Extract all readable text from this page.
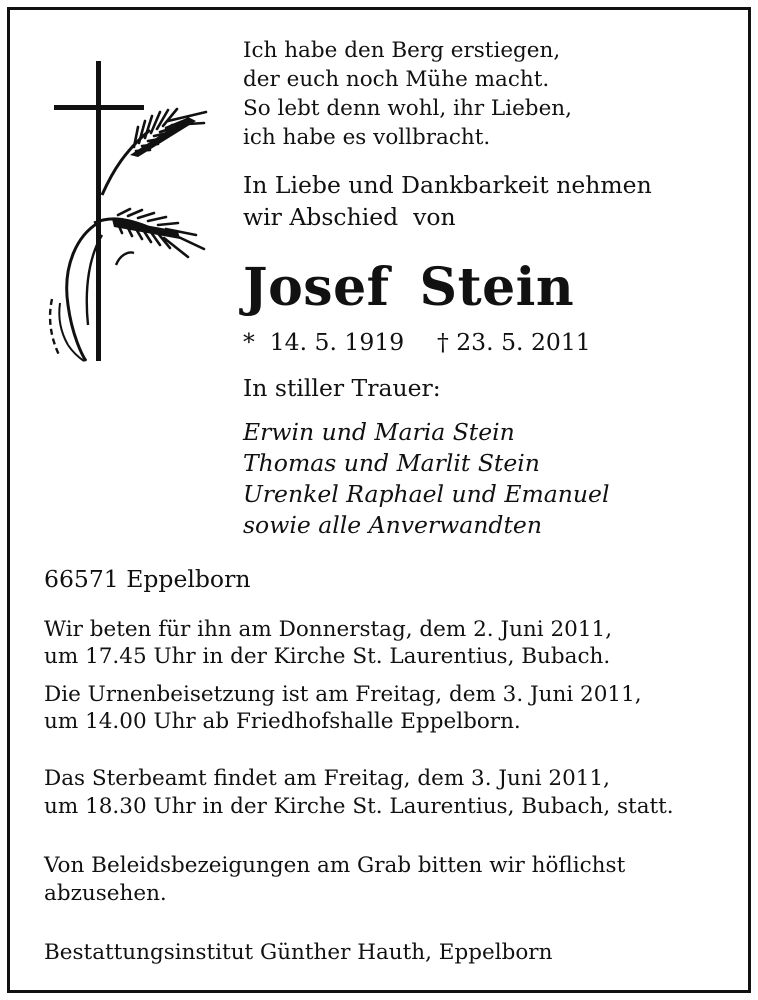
Ich habe den Berg erstiegen,
der euch noch Mühe macht.
So lebt denn wohl, ihr Lieben,
ich habe es vollbracht.
In Liebe und Dankbarkeit nehmen
wir Abschied  von
Josef Stein
*  14. 5. 1919 † 23. 5. 2011
In stiller Trauer:
Erwin und Maria Stein
Thomas und Marlit Stein
Urenkel Raphael und Emanuel
sowie alle Anverwandten
66571 Eppelborn
Wir beten für ihn am Donnerstag, dem 2. Juni 2011,
um 17.45 Uhr in der Kirche St. Laurentius, Bubach.
Die Urnenbeisetzung ist am Freitag, dem 3. Juni 2011,
um 14.00 Uhr ab Friedhofshalle Eppelborn.
Das Sterbeamt findet am Freitag, dem 3. Juni 2011,
um 18.30 Uhr in der Kirche St. Laurentius, Bubach, statt.
Von Beleidsbezeigungen am Grab bitten wir höflichst
abzusehen.
Bestattungsinstitut Günther Hauth, Eppelborn
